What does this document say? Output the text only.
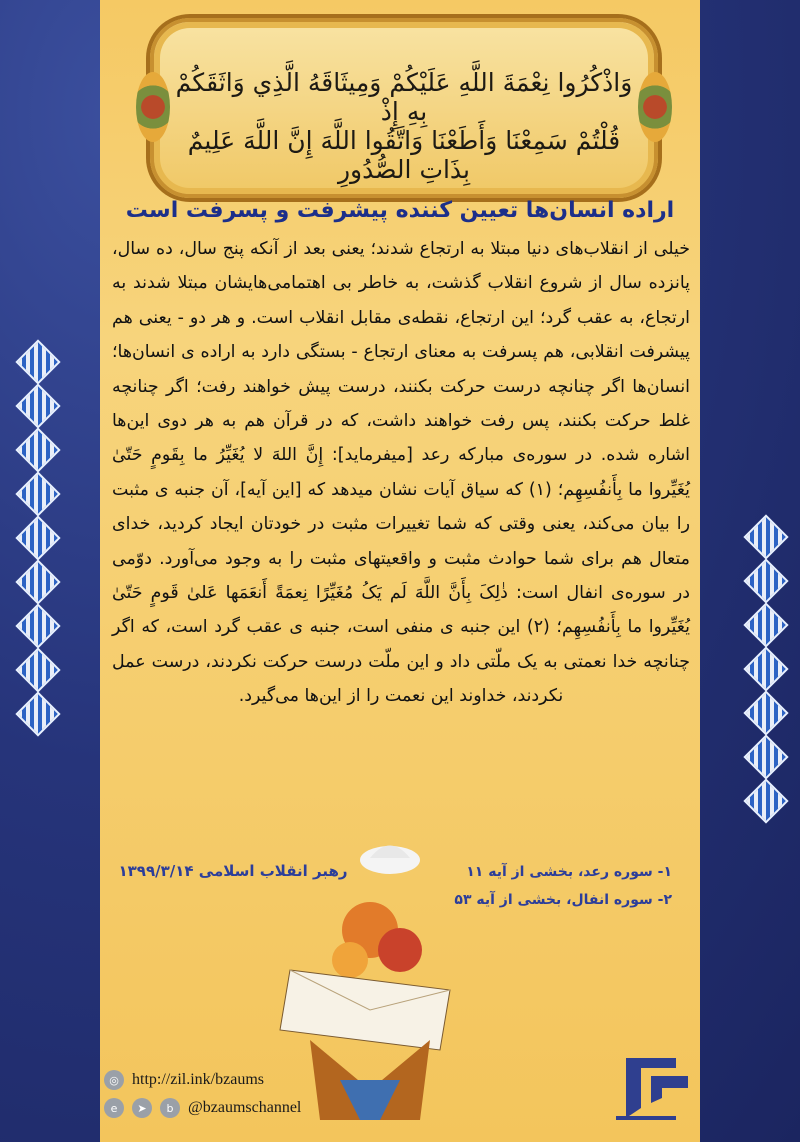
وَاذْكُرُوا نِعْمَةَ اللَّهِ عَلَيْكُمْ وَمِيثَاقَهُ الَّذِي وَاثَقَكُمْ بِهِ إِذْ
قُلْتُمْ سَمِعْنَا وَأَطَعْنَا وَاتَّقُوا اللَّهَ إِنَّ اللَّهَ عَلِيمٌ بِذَاتِ الصُّدُورِ
اراده انسان‌ها تعیین کننده پیشرفت و پسرفت است
خیلی از انقلاب‌های دنیا مبتلا به ارتجاع شدند؛ یعنی بعد از آنکه پنج سال، ده سال، پانزده سال از شروع انقلاب گذشت، به خاطر بی اهتمامی‌هایشان مبتلا شدند به ارتجاع، به عقب گرد؛ این ارتجاع، نقطه‌ی مقابل انقلاب است. و هر دو - یعنی هم پیشرفت انقلابی، هم پسرفت به معنای ارتجاع - بستگی دارد به اراده ی انسان‌ها؛ انسان‌ها اگر چنانچه درست حرکت بکنند، درست پیش خواهند رفت؛ اگر چنانچه غلط حرکت بکنند، پس رفت خواهند داشت، که در قرآن هم به هر دوی این‌ها اشاره شده. در سوره‌ی مبارکه رعد [میفرماید]: إِنَّ اللهَ لا یُغَیِّرُ ما بِقَومٍ حَتّیٰ یُغَیِّروا ما بِأَنفُسِهِم؛ (۱) که سیاق آیات نشان میدهد که [این آیه]، آن جنبه ی مثبت را بیان می‌کند، یعنی وقتی که شما تغییرات مثبت در خودتان ایجاد کردید، خدای متعال هم برای شما حوادث مثبت و واقعیتهای مثبت را به وجود می‌آورد. دوّمی در سوره‌ی انفال است: ذٰلِکَ بِأَنَّ اللَّهَ لَم یَکُ مُغَیِّرًا نِعمَةً أَنعَمَها عَلیٰ قَومٍ حَتّیٰ یُغَیِّروا ما بِأَنفُسِهِم؛ (۲) این جنبه ی منفی است، جنبه ی عقب گرد است، که اگر چنانچه خدا نعمتی به یک ملّتی داد و این ملّت درست حرکت نکردند، درست عمل نکردند، خداوند این نعمت را از این‌ها می‌گیرد.
رهبر انقلاب اسلامی ۱۳۹۹/۳/۱۴	۱- سوره رعد، بخشی از آیه ۱۱
۲- سوره انفال، بخشی از آیه ۵۳
◎ http://zil.ink/bzaums
e	➤	b @bzaumschannel
